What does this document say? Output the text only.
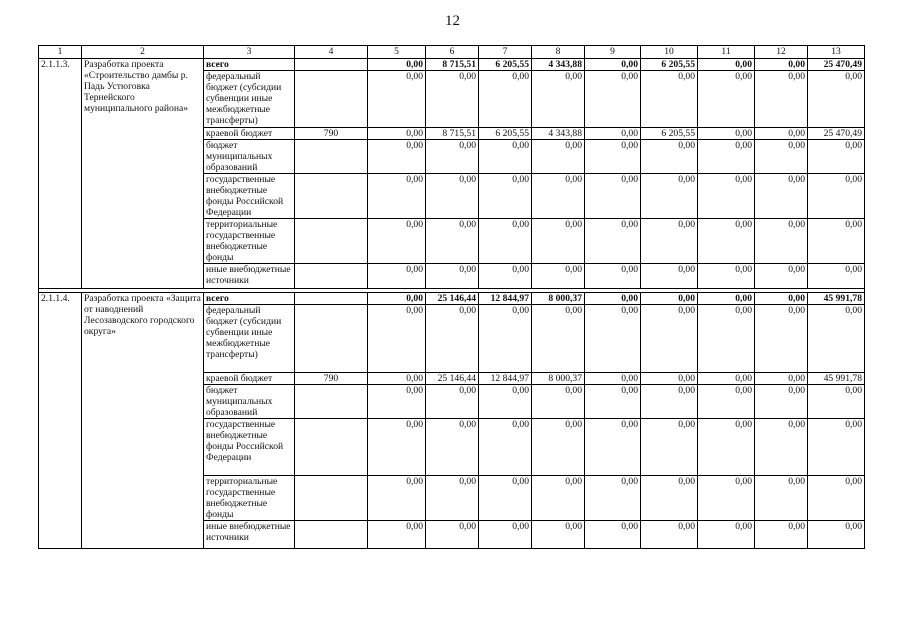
12
1	2	3	4	5	6	7	8	9	10	11	12	13
2.1.1.3.	Разработка проекта «Строительство дамбы р. Падь Устюговка Тернейского муниципального района»	всего		0,00	8 715,51	6 205,55	4 343,88	0,00	6 205,55	0,00	0,00	25 470,49
		федеральный бюджет (субсидии субвенции иные межбюджетные трансферты)		0,00	0,00	0,00	0,00	0,00	0,00	0,00	0,00	0,00
		краевой бюджет	790	0,00	8 715,51	6 205,55	4 343,88	0,00	6 205,55	0,00	0,00	25 470,49
		бюджет муниципальных образований		0,00	0,00	0,00	0,00	0,00	0,00	0,00	0,00	0,00
		государственные внебюджетные фонды Российской Федерации		0,00	0,00	0,00	0,00	0,00	0,00	0,00	0,00	0,00
		территориальные государственные внебюджетные фонды		0,00	0,00	0,00	0,00	0,00	0,00	0,00	0,00	0,00
		иные внебюджетные источники		0,00	0,00	0,00	0,00	0,00	0,00	0,00	0,00	0,00

2.1.1.4.	Разработка проекта «Защита от наводнений Лесозаводского городского округа»	всего		0,00	25 146,44	12 844,97	8 000,37	0,00	0,00	0,00	0,00	45 991,78
		федеральный бюджет (субсидии субвенции иные межбюджетные трансферты)		0,00	0,00	0,00	0,00	0,00	0,00	0,00	0,00	0,00
		краевой бюджет	790	0,00	25 146,44	12 844,97	8 000,37	0,00	0,00	0,00	0,00	45 991,78
		бюджет муниципальных образований		0,00	0,00	0,00	0,00	0,00	0,00	0,00	0,00	0,00
		государственные внебюджетные фонды Российской Федерации		0,00	0,00	0,00	0,00	0,00	0,00	0,00	0,00	0,00
		территориальные государственные внебюджетные фонды		0,00	0,00	0,00	0,00	0,00	0,00	0,00	0,00	0,00
		иные внебюджетные источники		0,00	0,00	0,00	0,00	0,00	0,00	0,00	0,00	0,00
